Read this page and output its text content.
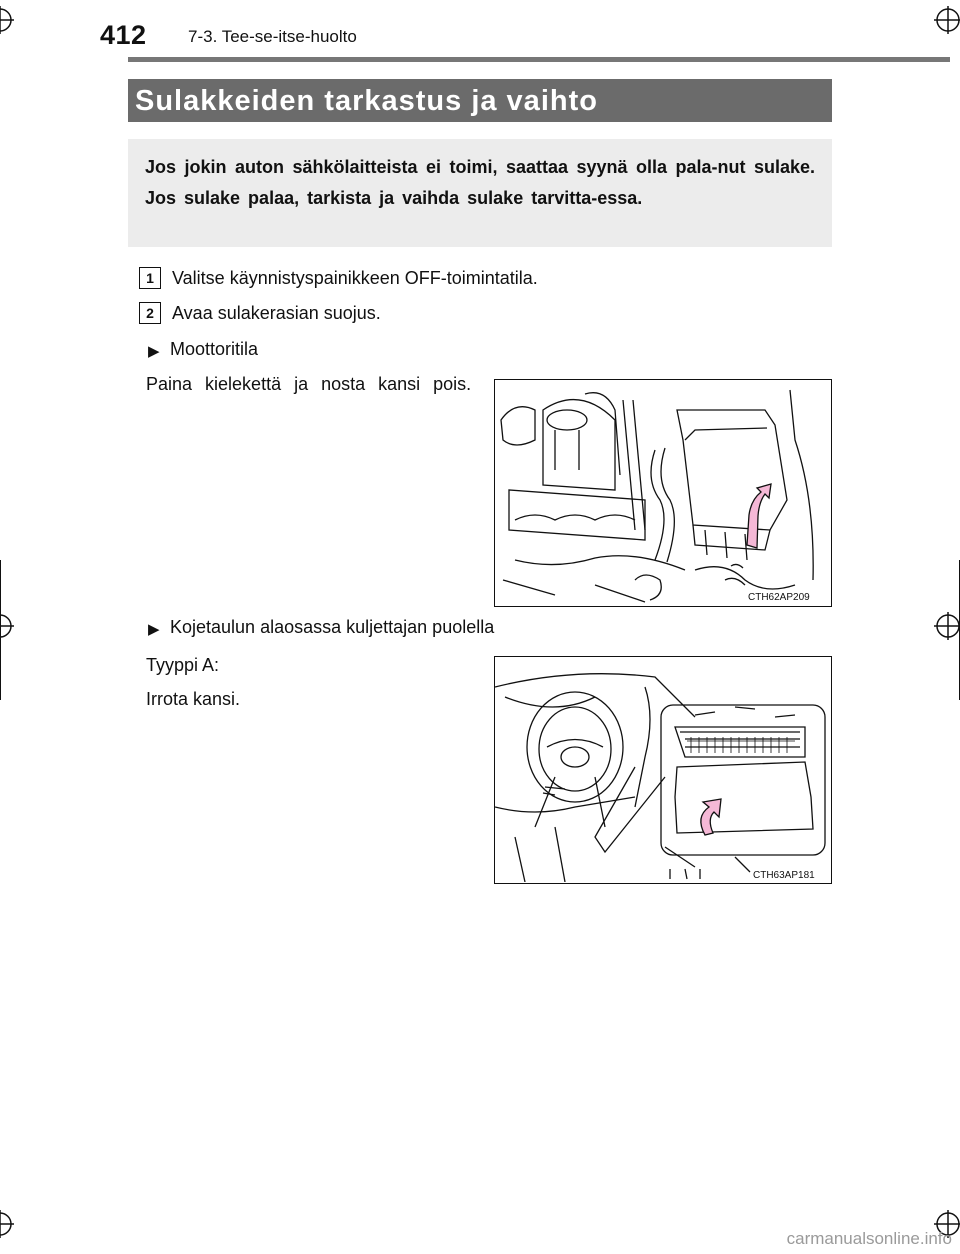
412 7-3. Tee-se-itse-huolto
Sulakkeiden tarkastus ja vaihto
Jos jokin auton sähkölaitteista ei toimi, saattaa syynä olla pala-nut sulake. Jos sulake palaa, tarkista ja vaihda sulake tarvitta-essa.
1	Valitse käynnistyspainikkeen OFF-toimintatila.
2	Avaa sulakerasian suojus.
▶ Moottoritila
Paina kielekettä ja nosta kansi pois.
CTH62AP209
▶ Kojetaulun alaosassa kuljettajan puolella
Tyyppi A:
Irrota kansi.
CTH63AP181
carmanualsonline.info
